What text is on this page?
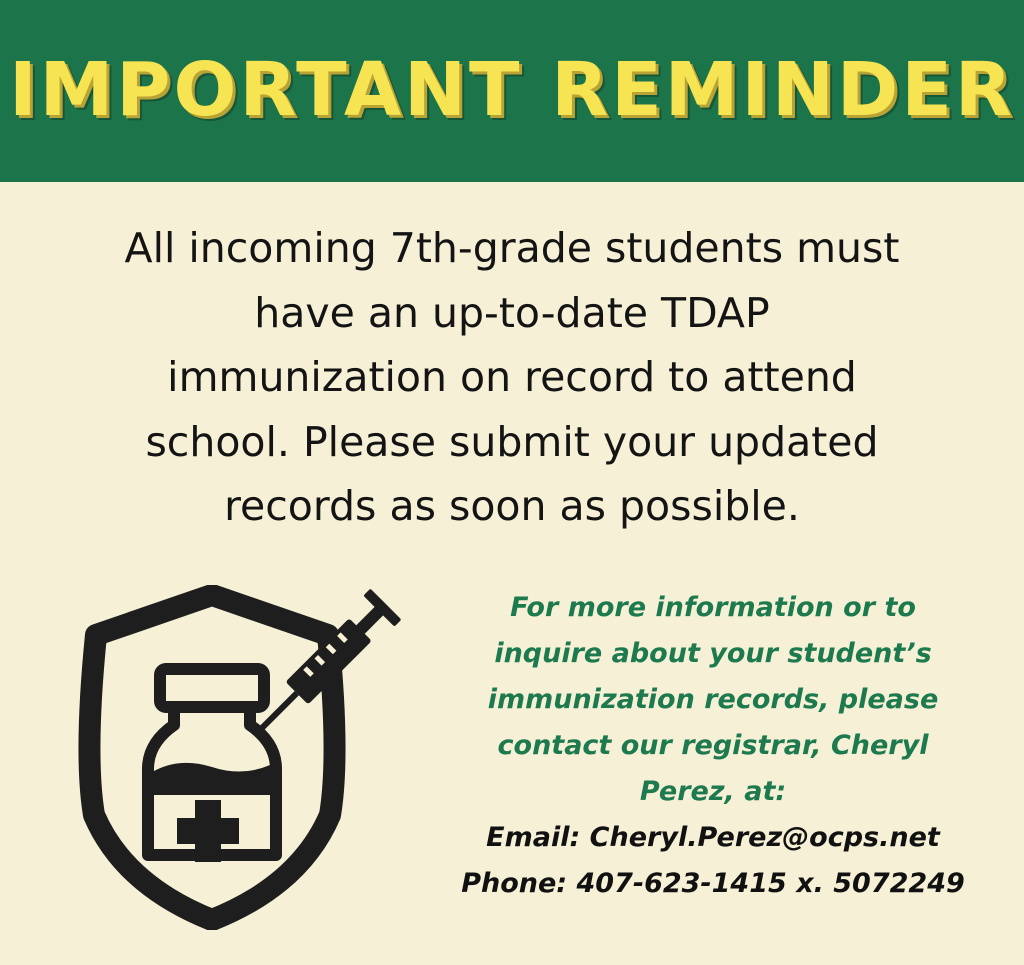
IMPORTANT REMINDER
All incoming 7th-grade students must
have an up-to-date TDAP
immunization on record to attend
school. Please submit your updated
records as soon as possible.
For more information or to
inquire about your student’s
immunization records, please
contact our registrar, Cheryl
Perez, at:
Email: Cheryl.Perez@ocps.net
Phone: 407-623-1415 x. 5072249
